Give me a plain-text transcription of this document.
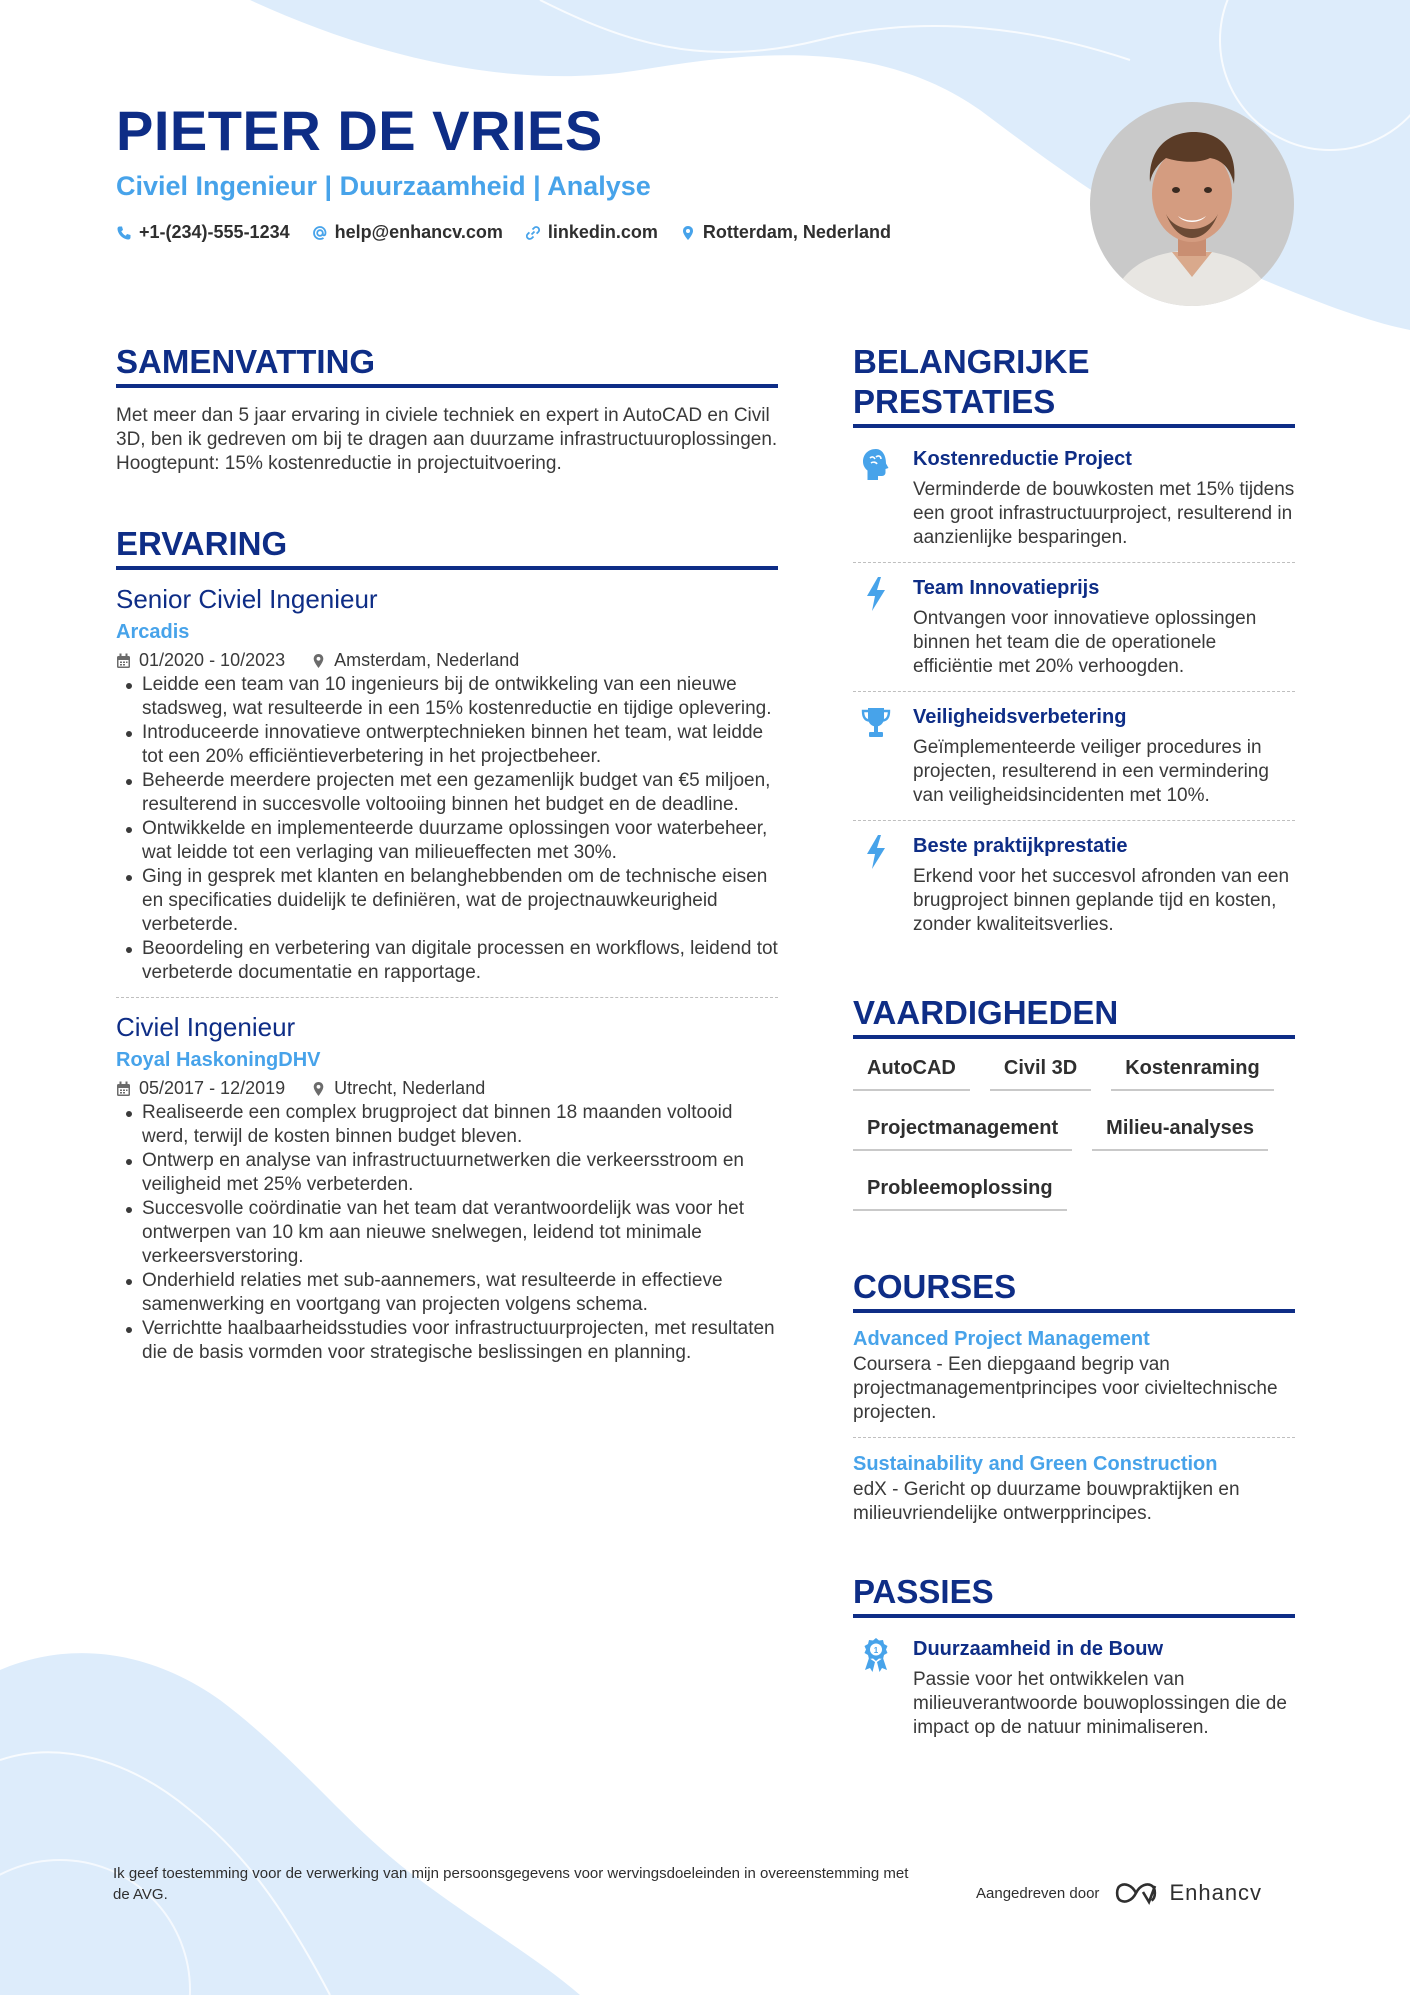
PIETER DE VRIES
Civiel Ingenieur | Duurzaamheid | Analyse
+1-(234)-555-1234	help@enhancv.com	linkedin.com	Rotterdam, Nederland
SAMENVATTING
Met meer dan 5 jaar ervaring in civiele techniek en expert in AutoCAD en Civil 3D, ben ik gedreven om bij te dragen aan duurzame infrastructuuroplossingen. Hoogtepunt: 15% kostenreductie in projectuitvoering.
ERVARING
Senior Civiel Ingenieur
Arcadis
01/2020 - 10/2023	Amsterdam, Nederland
Leidde een team van 10 ingenieurs bij de ontwikkeling van een nieuwe stadsweg, wat resulteerde in een 15% kostenreductie en tijdige oplevering.
Introduceerde innovatieve ontwerptechnieken binnen het team, wat leidde tot een 20% efficiëntieverbetering in het projectbeheer.
Beheerde meerdere projecten met een gezamenlijk budget van €5 miljoen, resulterend in succesvolle voltooiing binnen het budget en de deadline.
Ontwikkelde en implementeerde duurzame oplossingen voor waterbeheer, wat leidde tot een verlaging van milieueffecten met 30%.
Ging in gesprek met klanten en belanghebbenden om de technische eisen en specificaties duidelijk te definiëren, wat de projectnauwkeurigheid verbeterde.
Beoordeling en verbetering van digitale processen en workflows, leidend tot verbeterde documentatie en rapportage.
Civiel Ingenieur
Royal HaskoningDHV
05/2017 - 12/2019	Utrecht, Nederland
Realiseerde een complex brugproject dat binnen 18 maanden voltooid werd, terwijl de kosten binnen budget bleven.
Ontwerp en analyse van infrastructuurnetwerken die verkeersstroom en veiligheid met 25% verbeterden.
Succesvolle coördinatie van het team dat verantwoordelijk was voor het ontwerpen van 10 km aan nieuwe snelwegen, leidend tot minimale verkeersverstoring.
Onderhield relaties met sub-aannemers, wat resulteerde in effectieve samenwerking en voortgang van projecten volgens schema.
Verrichtte haalbaarheidsstudies voor infrastructuurprojecten, met resultaten die de basis vormden voor strategische beslissingen en planning.
BELANGRIJKE PRESTATIES
Kostenreductie Project
Verminderde de bouwkosten met 15% tijdens een groot infrastructuurproject, resulterend in aanzienlijke besparingen.
Team Innovatieprijs
Ontvangen voor innovatieve oplossingen binnen het team die de operationele efficiëntie met 20% verhoogden.
Veiligheidsverbetering
Geïmplementeerde veiliger procedures in projecten, resulterend in een vermindering van veiligheidsincidenten met 10%.
Beste praktijkprestatie
Erkend voor het succesvol afronden van een brugproject binnen geplande tijd en kosten, zonder kwaliteitsverlies.
VAARDIGHEDEN
AutoCAD	Civil 3D	Kostenraming
Projectmanagement	Milieu-analyses
Probleemoplossing
COURSES
Advanced Project Management
Coursera - Een diepgaand begrip van projectmanagementprincipes voor civieltechnische projecten.
Sustainability and Green Construction
edX - Gericht op duurzame bouwpraktijken en milieuvriendelijke ontwerpprincipes.
PASSIES
1 Duurzaamheid in de Bouw
Passie voor het ontwikkelen van milieuverantwoorde bouwoplossingen die de impact op de natuur minimaliseren.
Ik geef toestemming voor de verwerking van mijn persoonsgegevens voor wervingsdoeleinden in overeenstemming met de AVG.	Aangedreven door	Enhancv
